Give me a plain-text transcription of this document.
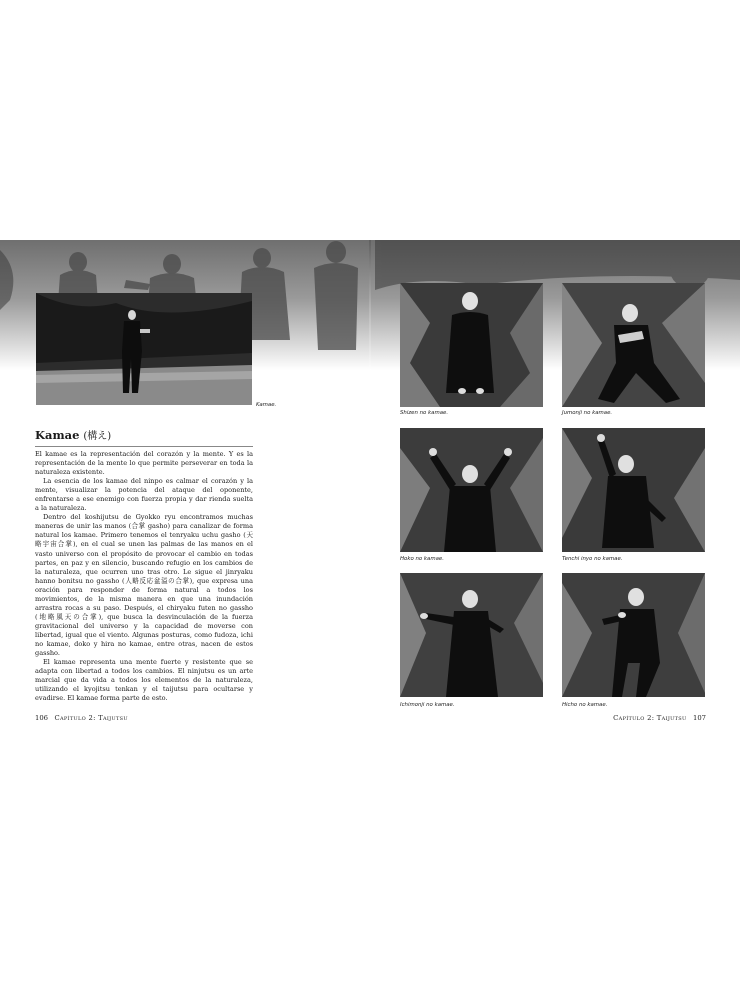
Kamae.
Kamae (構え)

El kamae es la representación del corazón y la mente. Y es la representación de la mente lo que permite perseverar en toda la naturaleza existente.

La esencia de los kamae del ninpo es calmar el corazón y la mente, visualizar la potencia del ataque del oponente, enfrentarse a ese enemigo con fuerza propia y dar rienda suelta a la naturaleza.

Dentro del koshijutsu de Gyokko ryu encontramos muchas maneras de unir las manos (合掌 gasho) para canalizar de forma natural los kamae. Primero tenemos el tenryaku uchu gasho (天略宇宙合掌), en el cual se unen las palmas de las manos en el vasto universo con el propósito de provocar el cambio en todas partes, en paz y en silencio, buscando refugio en los cambios de la naturaleza, que ocurren uno tras otro. Le sigue el jinryaku hanno bonitsu no gassho (人略反応盆溢の合掌), que expresa una oración para responder de forma natural a todos los movimientos, de la misma manera en que una inundación arrastra rocas a su paso. Después, el chiryaku futen no gassho (地略風天の合掌), que busca la desvinculación de la fuerza gravitacional del universo y la capacidad de moverse con libertad, igual que el viento. Algunas posturas, como fudoza, ichi no kamae, doko y hira no kamae, entre otras, nacen de estos gassho.

El kamae representa una mente fuerte y resistente que se adapta con libertad a todos los cambios. El ninjutsu es un arte marcial que da vida a todos los elementos de la naturaleza, utilizando el kyojitsu tenkan y el taijutsu para ocultarse y evadirse. El kamae forma parte de esto.

106 Capítulo 2: Taijutsu
Shizen no kamae.	Jumonji no kamae.
Hoko no kamae.	Tenchi inyo no kamae.
Ichimonji no kamae.	Hicho no kamae.
Capítulo 2: Taijutsu 107
